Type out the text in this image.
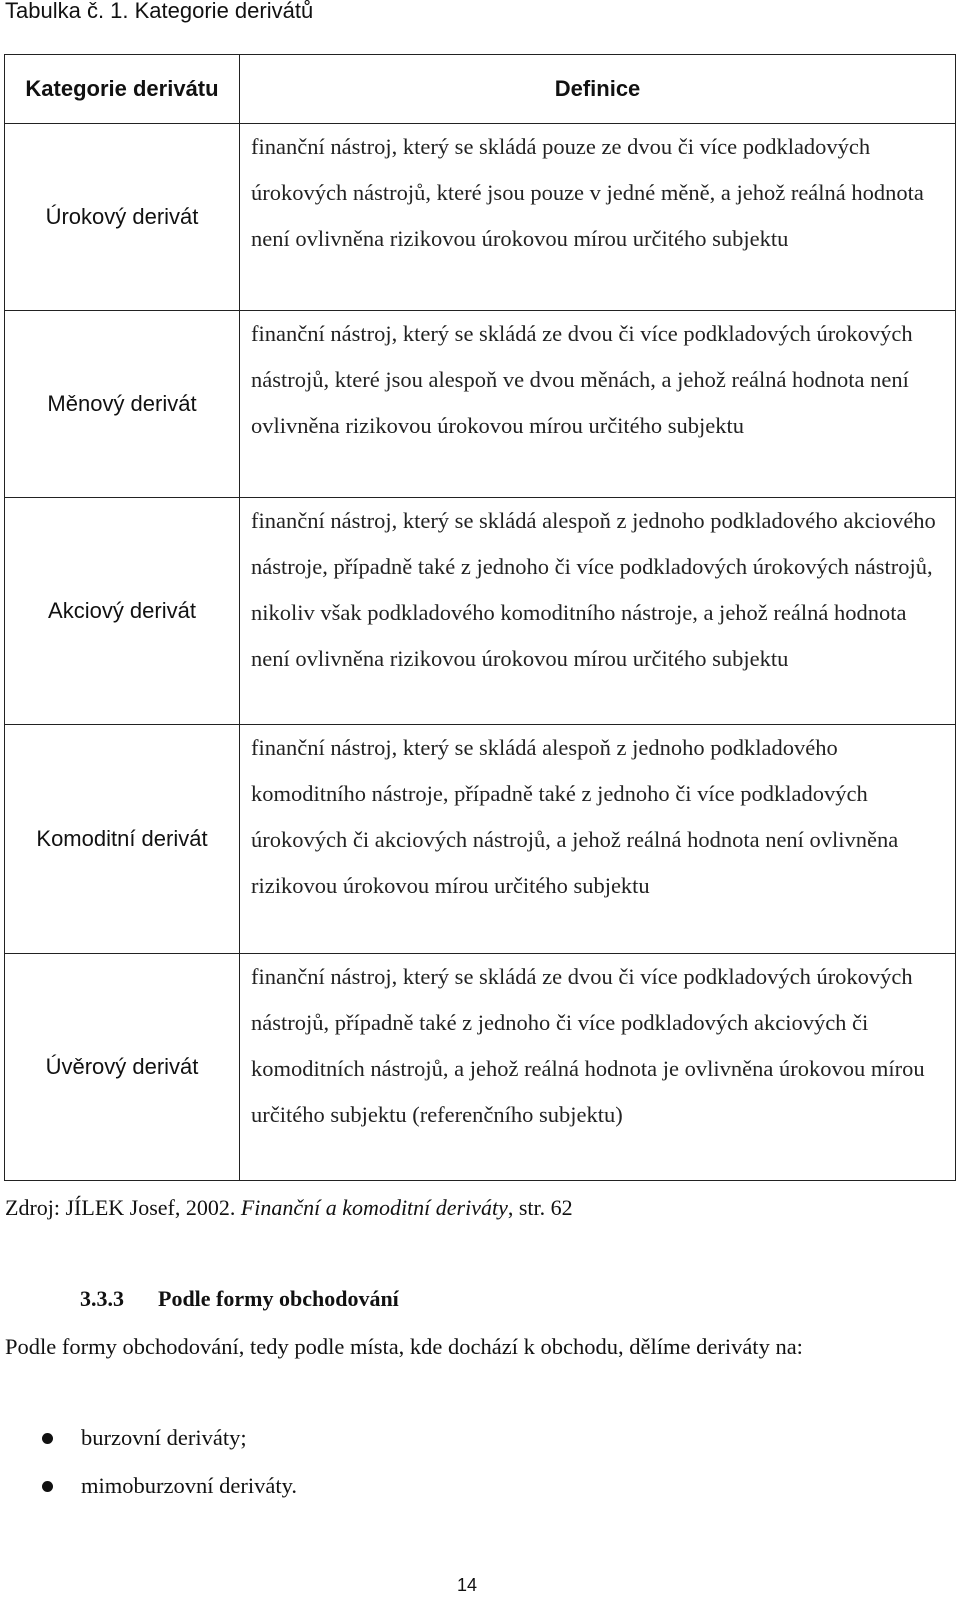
Tabulka č. 1. Kategorie derivátů
Kategorie derivátu	Definice
Úrokový derivát	finanční nástroj, který se skládá pouze ze dvou či více podkladových úrokových nástrojů, které jsou pouze v jedné měně, a jehož reálná hodnota není ovlivněna rizikovou úrokovou mírou určitého subjektu
Měnový derivát	finanční nástroj, který se skládá ze dvou či více podkladových úrokových nástrojů, které jsou alespoň ve dvou měnách, a jehož reálná hodnota není ovlivněna rizikovou úrokovou mírou určitého subjektu
Akciový derivát	finanční nástroj, který se skládá alespoň z jednoho podkladového akciového nástroje, případně také z jednoho či více podkladových úrokových nástrojů, nikoliv však podkladového komoditního nástroje, a jehož reálná hodnota není ovlivněna rizikovou úrokovou mírou určitého subjektu
Komoditní derivát	finanční nástroj, který se skládá alespoň z jednoho podkladového komoditního nástroje, případně také z jednoho či více podkladových úrokových či akciových nástrojů, a jehož reálná hodnota není ovlivněna rizikovou úrokovou mírou určitého subjektu
Úvěrový derivát	finanční nástroj, který se skládá ze dvou či více podkladových úrokových nástrojů, případně také z jednoho či více podkladových akciových či komoditních nástrojů, a jehož reálná hodnota je ovlivněna úrokovou mírou určitého subjektu (referenčního subjektu)
Zdroj: JÍLEK Josef, 2002. Finanční a komoditní deriváty, str. 62
3.3.3 Podle formy obchodování
Podle formy obchodování, tedy podle místa, kde dochází k obchodu, dělíme deriváty na:
burzovní deriváty;
mimoburzovní deriváty.
14
